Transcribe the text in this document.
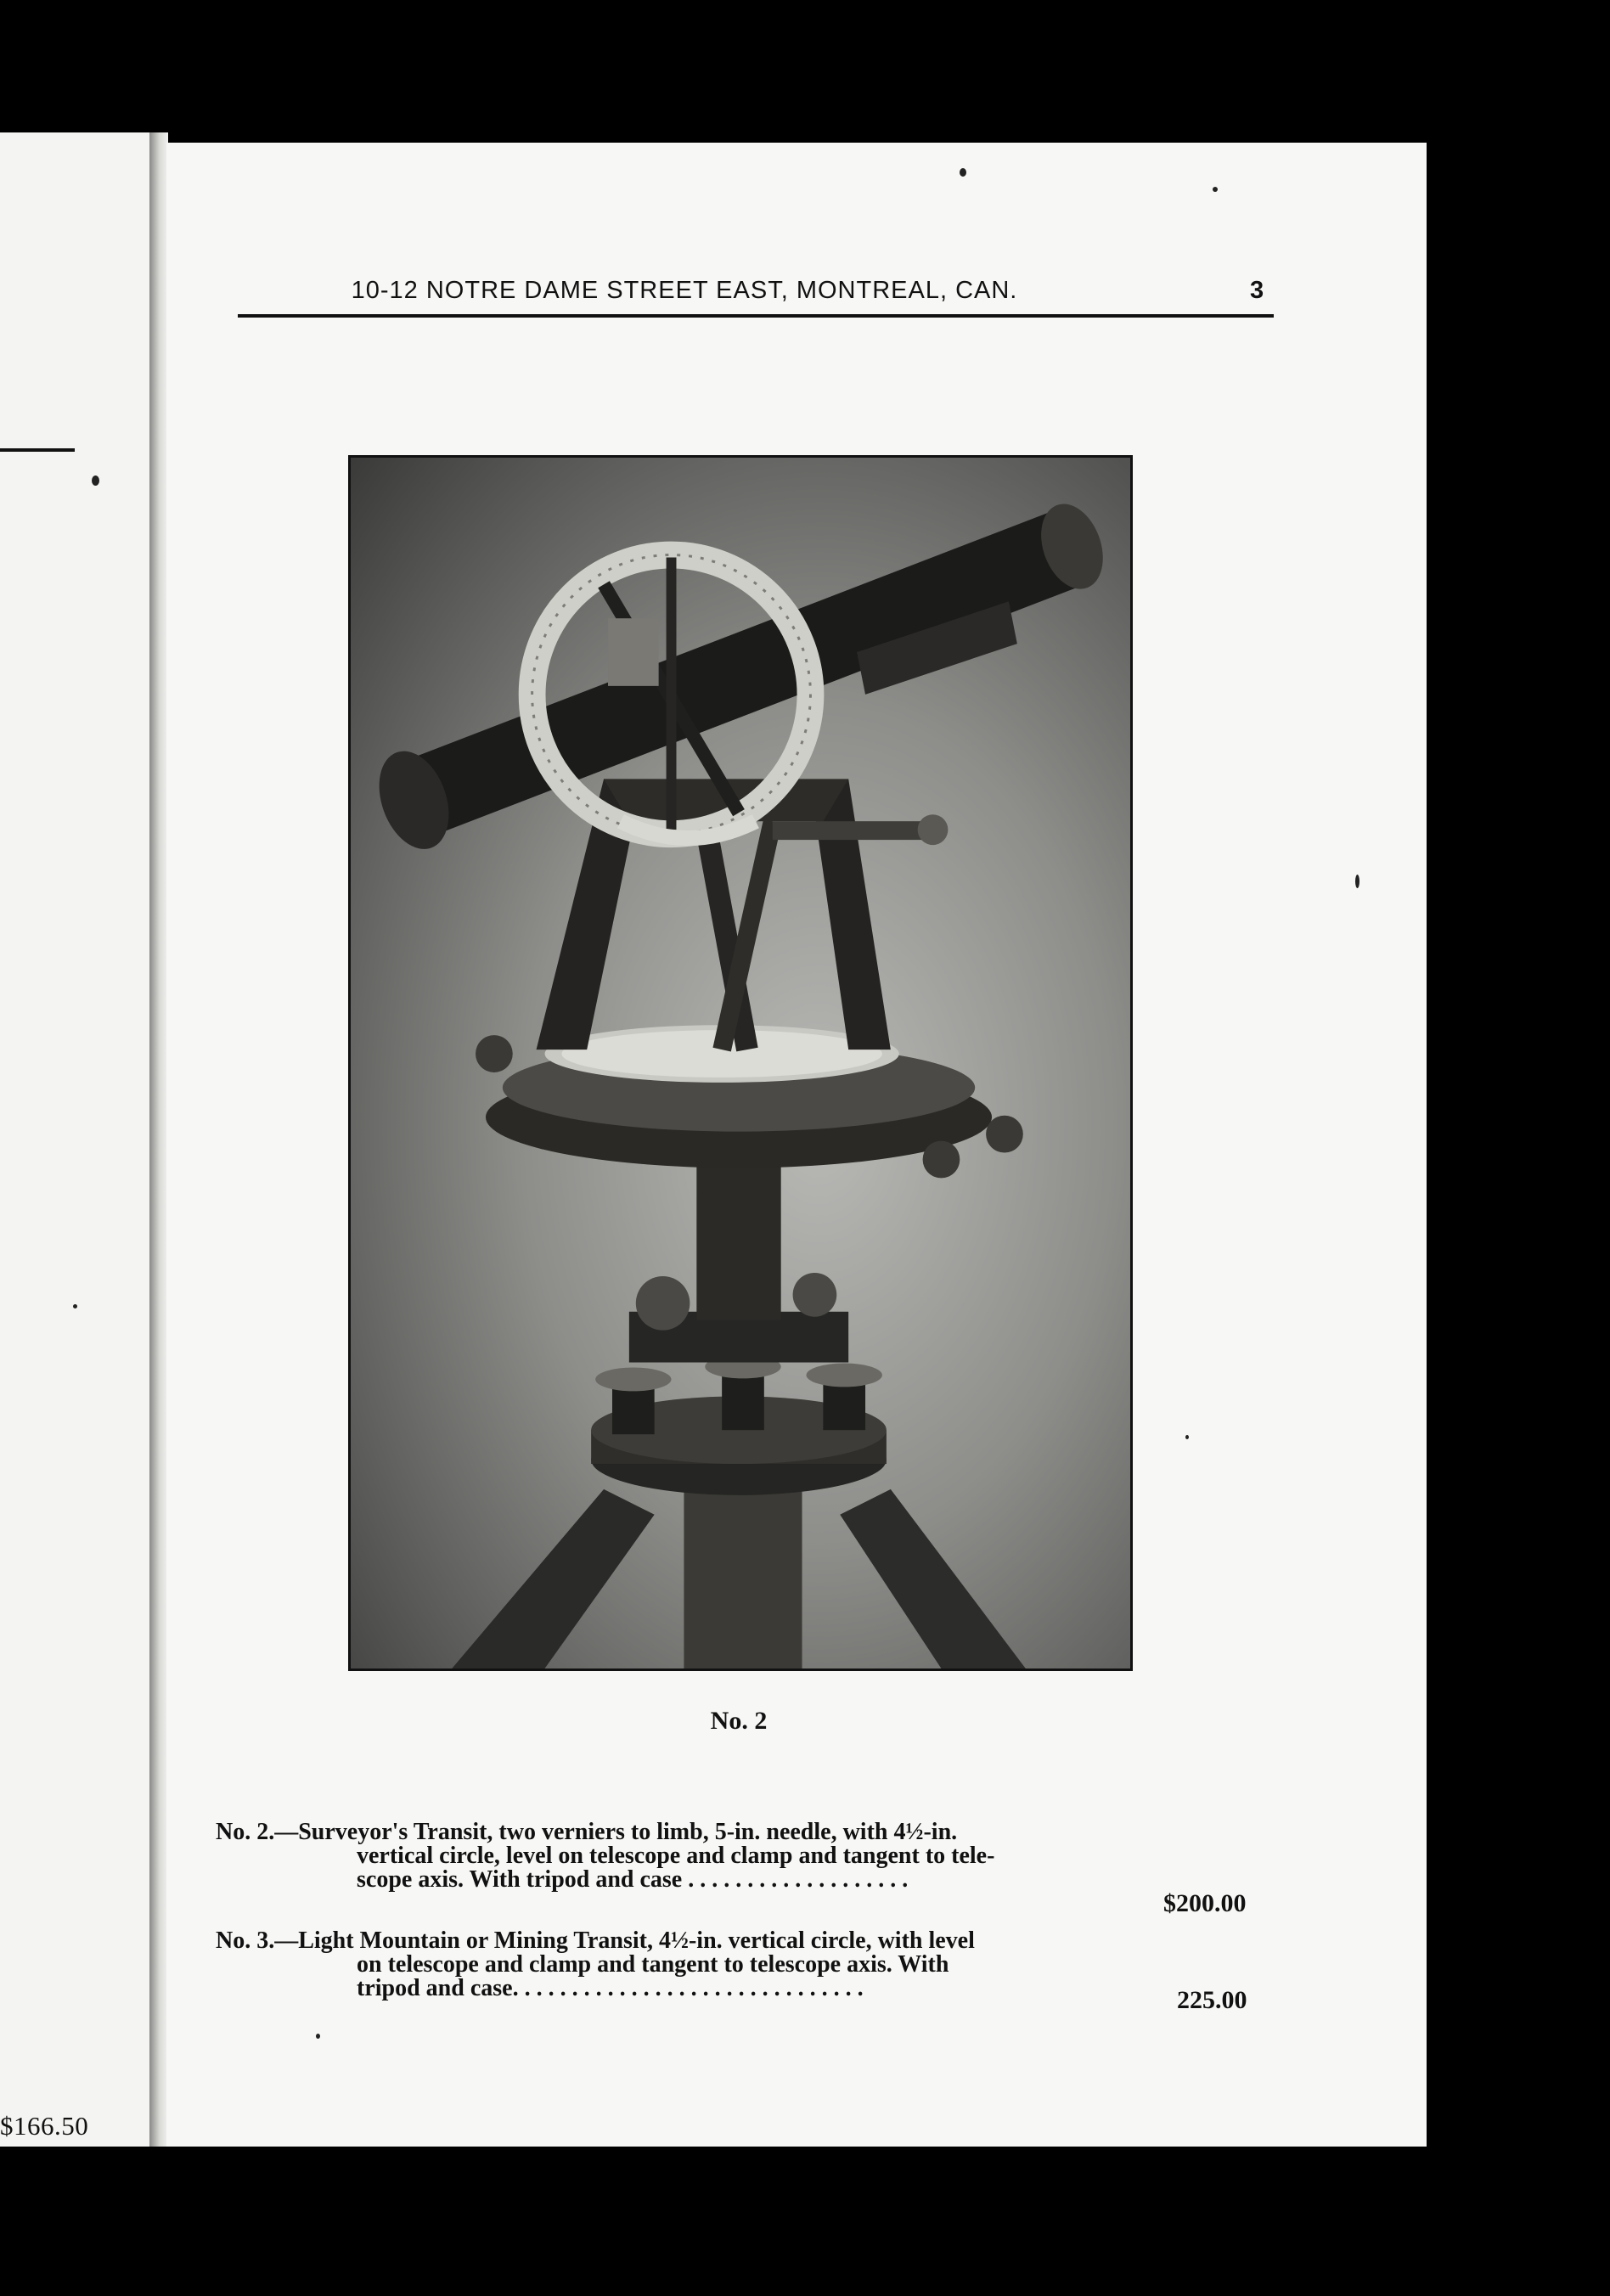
$166.50
10-12 NOTRE DAME STREET EAST, MONTREAL, CAN.	3
No. 2
No. 2.—Surveyor's Transit, two verniers to limb, 5-in. needle, with 4½-in.
vertical circle, level on telescope and clamp and tangent to tele-
scope axis. With tripod and case . . . . . . . . . . . . . . . . . . .
$200.00
No. 3.—Light Mountain or Mining Transit, 4½-in. vertical circle, with level
on telescope and clamp and tangent to telescope axis. With
tripod and case. . . . . . . . . . . . . . . . . . . . . . . . . . . . . .	225.00
